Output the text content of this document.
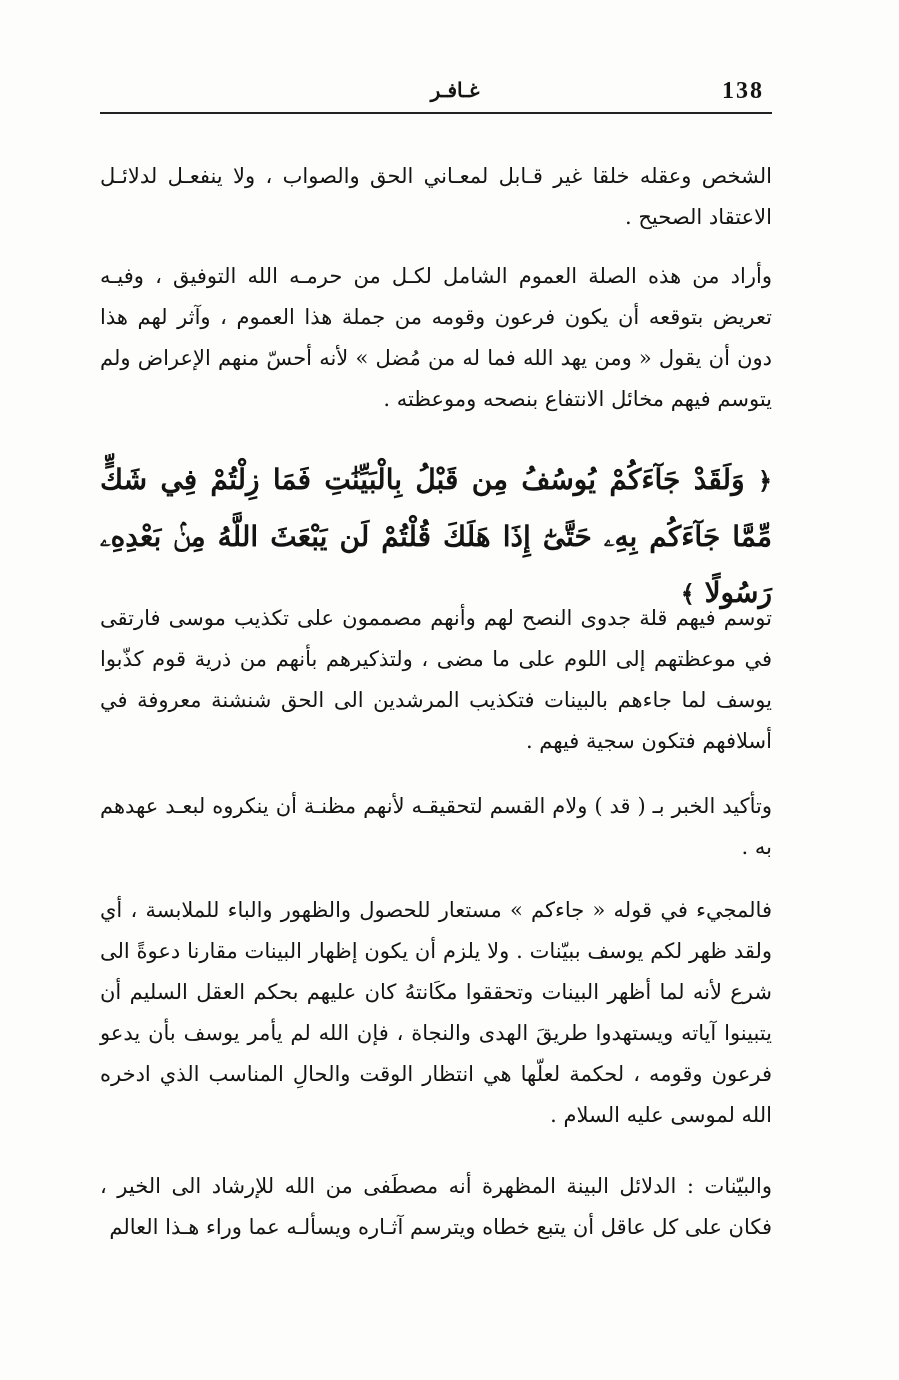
138
غـافـر

الشخص وعقله خلقا غير قـابل لمعـاني الحق والصواب ، ولا ينفعـل لدلائـل الاعتقاد الصحيح .

وأراد من هذه الصلة العموم الشامل لكـل من حرمـه الله التوفيق ، وفيـه تعريض بتوقعه أن يكون فرعون وقومه من جملة هذا العموم ، وآثر لهم هذا دون أن يقول « ومن يهد الله فما له من مُضل » لأنه أحسّ منهم الإعراض ولم يتوسم فيهم مخائل الانتفاع بنصحه وموعظته .

﴿ وَلَقَدْ جَآءَكُمْ يُوسُفُ مِن قَبْلُ بِالْبَيِّنَٰتِ فَمَا زِلْتُمْ فِي شَكٍّ مِّمَّا جَآءَكُم بِهِۦ حَتَّىٰٓ إِذَا هَلَكَ قُلْتُمْ لَن يَبْعَثَ اللَّهُ مِنۢ بَعْدِهِۦ رَسُولًا ﴾

توسم فيهم قلة جدوى النصح لهم وأنهم مصممون على تكذيب موسى فارتقى في موعظتهم إلى اللوم على ما مضى ، ولتذكيرهم بأنهم من ذرية قوم كذّبوا يوسف لما جاءهم بالبينات فتكذيب المرشدين الى الحق شنشنة معروفة في أسلافهم فتكون سجية فيهم .

وتأكيد الخبر بـ ( قد ) ولام القسم لتحقيقـه لأنهم مظنـة أن ينكروه لبعـد عهدهم به .

فالمجيء في قوله « جاءكم » مستعار للحصول والظهور والباء للملابسة ، أي ولقد ظهر لكم يوسف ببيّنات . ولا يلزم أن يكون إظهار البينات مقارنا دعوةً الى شرع لأنه لما أظهر البينات وتحققوا مكَانتهُ كان عليهم بحكم العقل السليم أن يتبينوا آياته ويستهدوا طريقَ الهدى والنجاة ، فإن الله لم يأمر يوسف بأن يدعو فرعون وقومه ، لحكمة لعلّها هي انتظار الوقت والحالِ المناسب الذي ادخره الله لموسى عليه السلام .

والبيّنات : الدلائل البينة المظهرة أنه مصطَفى من الله للإرشاد الى الخير ، فكان على كل عاقل أن يتبع خطاه ويترسم آثـاره ويسألـه عما وراء هـذا العالم
